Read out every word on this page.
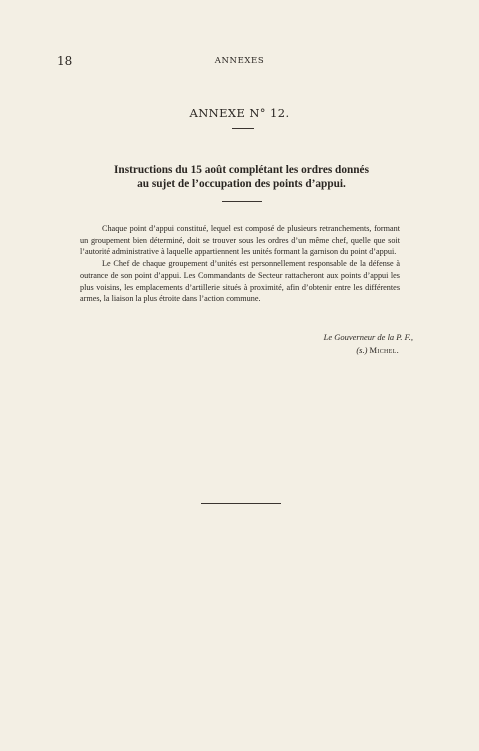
18	ANNEXES
ANNEXE N° 12.
Instructions du 15 août complétant les ordres donnés
au sujet de l’occupation des points d’appui.

Chaque point d’appui constitué, lequel est composé de plusieurs retranchements, formant un groupement bien déterminé, doit se trouver sous les ordres d’un même chef, quelle que soit l’autorité administrative à laquelle appartiennent les unités formant la garnison du point d’appui.

Le Chef de chaque groupement d’unités est personnellement responsable de la défense à outrance de son point d’appui. Les Commandants de Secteur rattacheront aux points d’appui les plus voisins, les emplacements d’artillerie situés à proximité, afin d’obtenir entre les différentes armes, la liaison la plus étroite dans l’action commune.

Le Gouverneur de la P. F.,
(s.) Michel.
